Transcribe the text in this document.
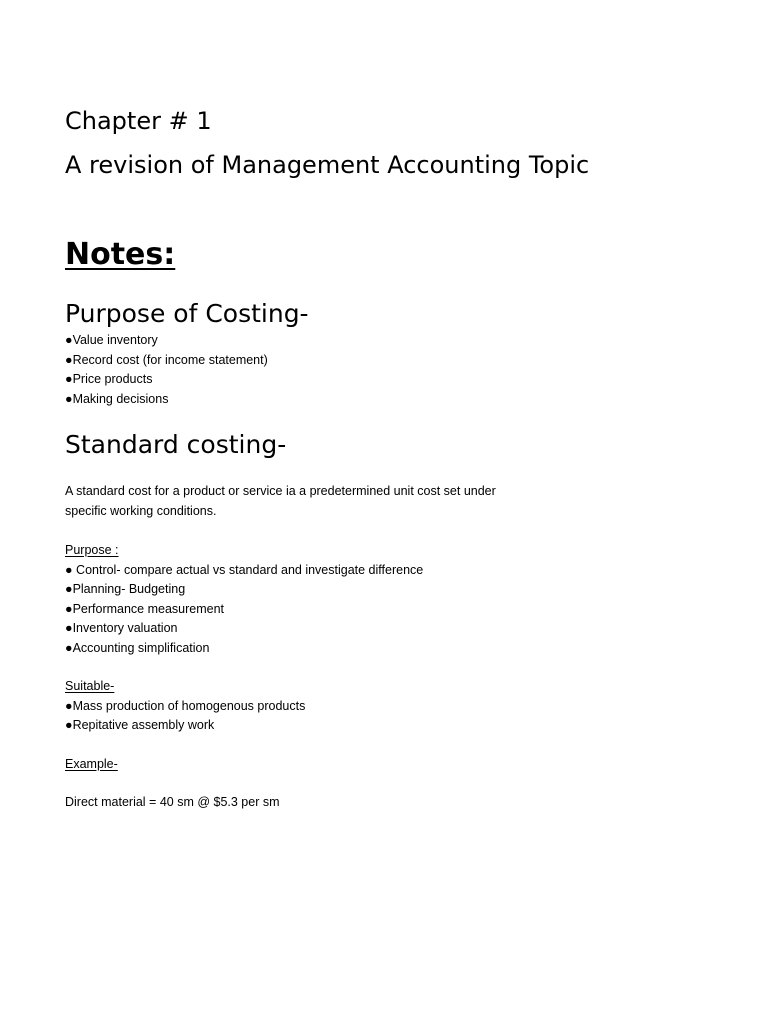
Chapter # 1
A revision of Management Accounting Topic
Notes:
Purpose of Costing-
● Value inventory
● Record cost (for income statement)
● Price products
● Making decisions
Standard costing-
A standard cost for a product or service ia a predetermined unit cost set under
specific working conditions.
Purpose :
● Control- compare actual vs standard and investigate difference
● Planning- Budgeting
● Performance measurement
● Inventory valuation
● Accounting simplification
Suitable-
● Mass production of homogenous products
● Repitative assembly work
Example-
Direct material = 40 sm @ $5.3 per sm
